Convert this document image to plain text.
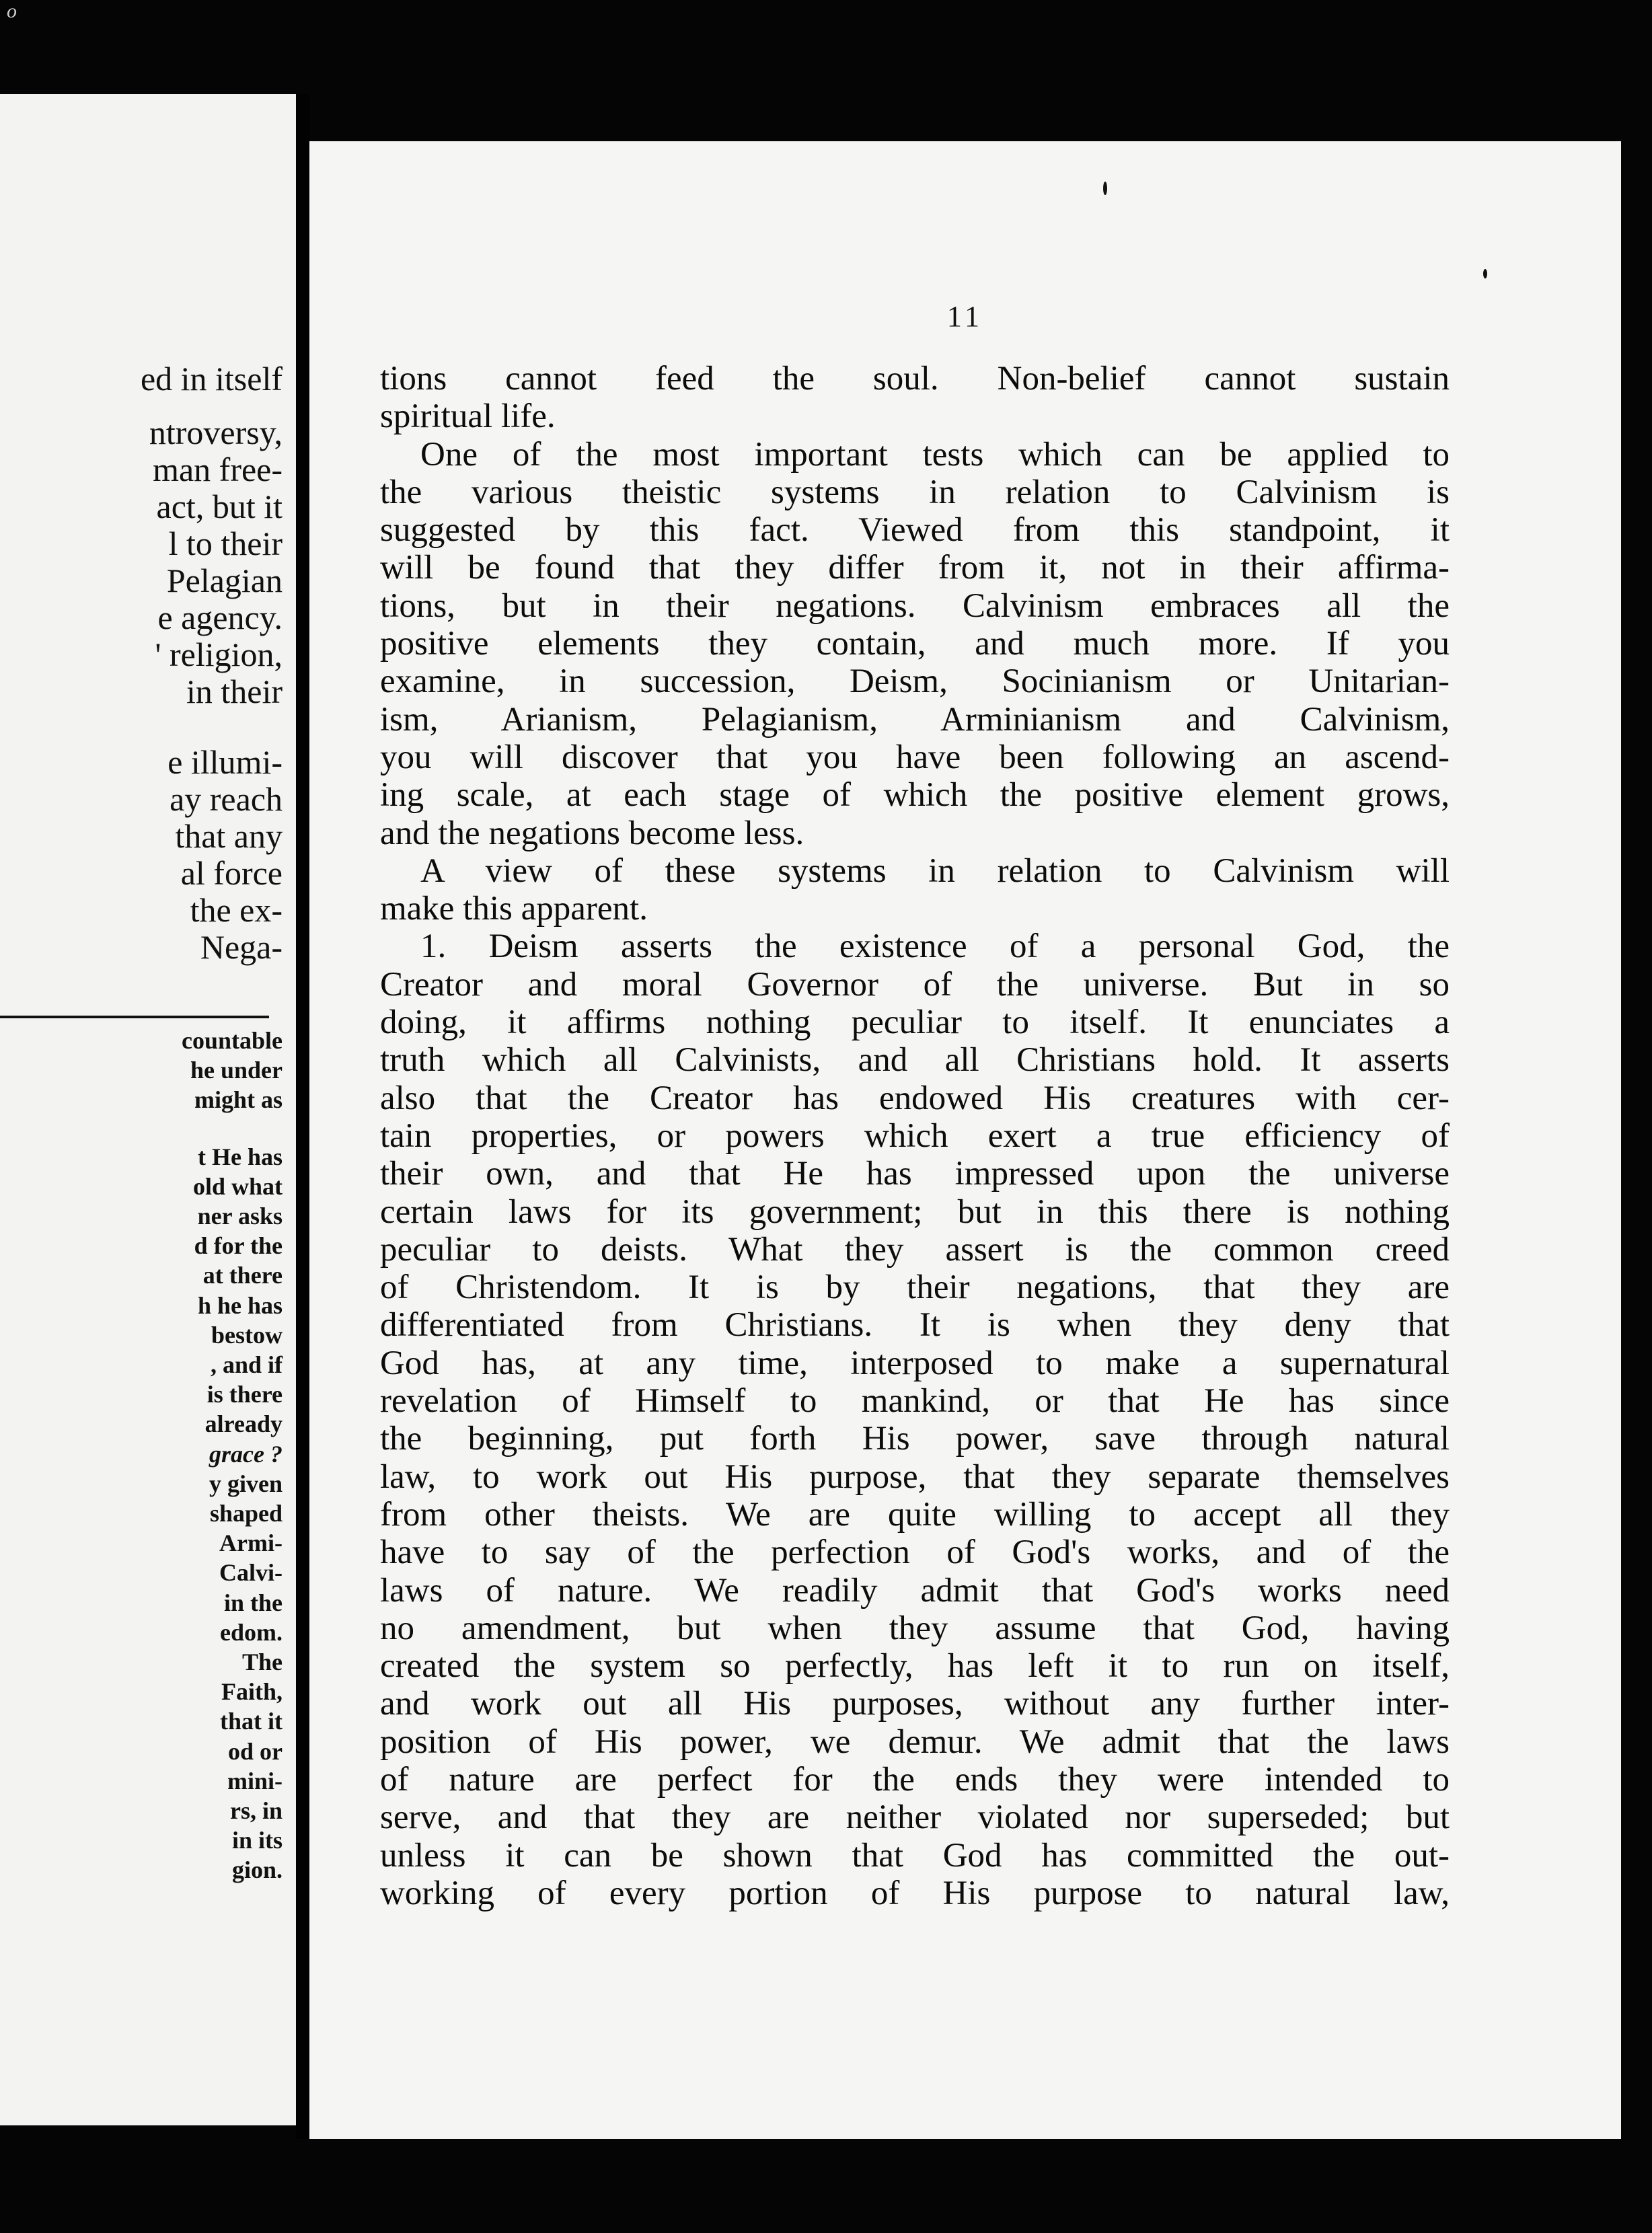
o
ed in itself
ntroversy,
man free-
act, but it
l to their
Pelagian
e agency.
' religion,
in their
e illumi-
ay reach
that any
al force
the ex-
Nega-
countable
he under
might as
t He has
old what
ner asks
d for the
at there
h he has
bestow
, and if
is there
already
grace ?
y given
shaped
Armi-
Calvi-
in the
edom.
The
Faith,
that it
od or
mini-
rs, in
in its
gion.
11

tions cannot feed the soul. Non-belief cannot sustain

spiritual life.

One of the most important tests which can be applied to

the various theistic systems in relation to Calvinism is

suggested by this fact. Viewed from this standpoint, it

will be found that they differ from it, not in their affirma-

tions, but in their negations. Calvinism embraces all the

positive elements they contain, and much more. If you

examine, in succession, Deism, Socinianism or Unitarian-

ism, Arianism, Pelagianism, Arminianism and Calvinism,

you will discover that you have been following an ascend-

ing scale, at each stage of which the positive element grows,

and the negations become less.

A view of these systems in relation to Calvinism will

make this apparent.

1. Deism asserts the existence of a personal God, the

Creator and moral Governor of the universe. But in so

doing, it affirms nothing peculiar to itself. It enunciates a

truth which all Calvinists, and all Christians hold. It asserts

also that the Creator has endowed His creatures with cer-

tain properties, or powers which exert a true efficiency of

their own, and that He has impressed upon the universe

certain laws for its government; but in this there is nothing

peculiar to deists. What they assert is the common creed

of Christendom. It is by their negations, that they are

differentiated from Christians. It is when they deny that

God has, at any time, interposed to make a supernatural

revelation of Himself to mankind, or that He has since

the beginning, put forth His power, save through natural

law, to work out His purpose, that they separate themselves

from other theists. We are quite willing to accept all they

have to say of the perfection of God's works, and of the

laws of nature. We readily admit that God's works need

no amendment, but when they assume that God, having

created the system so perfectly, has left it to run on itself,

and work out all His purposes, without any further inter-

position of His power, we demur. We admit that the laws

of nature are perfect for the ends they were intended to

serve, and that they are neither violated nor superseded; but

unless it can be shown that God has committed the out-

working of every portion of His purpose to natural law,
